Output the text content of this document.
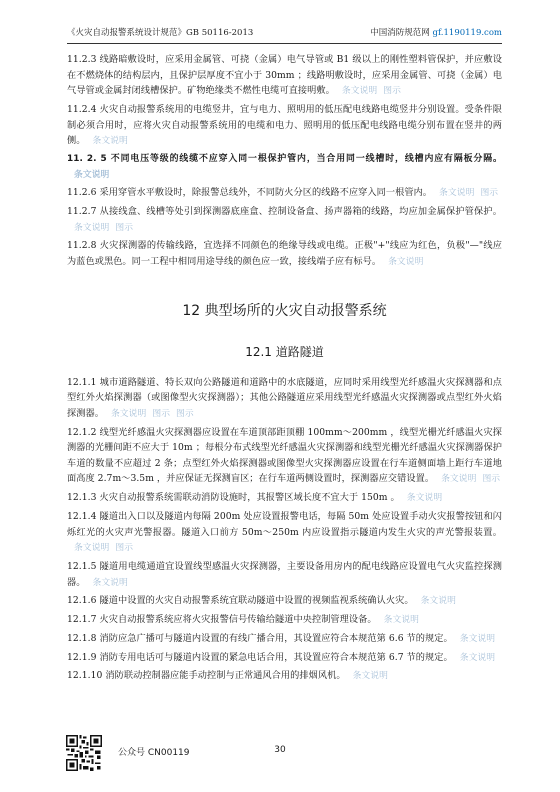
《火灾自动报警系统设计规范》GB 50116-2013	中国消防规范网 gf.1190119.com
11.2.3 线路暗敷设时，应采用金属管、可挠（金属）电气导管或 B1 级以上的刚性塑料管保护，并应敷设在不燃烧体的结构层内，且保护层厚度不宜小于 30mm ；线路明敷设时，应采用金属管、可挠（金属）电气导管或金属封闭线槽保护。矿物绝缘类不燃性电缆可直接明敷。 条文说明 图示
11.2.4 火灾自动报警系统用的电缆竖井，宜与电力、照明用的低压配电线路电缆竖井分别设置。受条件限制必须合用时，应将火灾自动报警系统用的电缆和电力、照明用的低压配电线路电缆分别布置在竖井的两侧。 条文说明
11. 2. 5 不同电压等级的线缆不应穿入同一根保护管内，当合用同一线槽时，线槽内应有隔板分隔。条文说明
11.2.6 采用穿管水平敷设时，除报警总线外，不同防火分区的线路不应穿入同一根管内。 条文说明 图示
11.2.7 从接线盒、线槽等处引到探测器底座盒、控制设备盒、扬声器箱的线路，均应加金属保护管保护。条文说明 图示
11.2.8 火灾探测器的传输线路，宜选择不同颜色的绝缘导线或电缆。正极"+"线应为红色，负极"—"线应为蓝色或黑色。同一工程中相同用途导线的颜色应一致，接线端子应有标号。 条文说明
12 典型场所的火灾自动报警系统
12.1 道路隧道
12.1.1 城市道路隧道、特长双向公路隧道和道路中的水底隧道，应同时采用线型光纤感温火灾探测器和点型红外火焰探测器（或图像型火灾探测器）；其他公路隧道应采用线型光纤感温火灾探测器或点型红外火焰探测器。 条文说明 图示 图示
12.1.2 线型光纤感温火灾探测器应设置在车道顶部距顶棚 100mm～200mm ，线型光栅光纤感温火灾探测器的光栅间距不应大于 10m ；每根分布式线型光纤感温火灾探测器和线型光栅光纤感温火灾探测器保护车道的数量不应超过 2 条；点型红外火焰探测器或图像型火灾探测器应设置在行车道侧面墙上距行车道地面高度 2.7m～3.5m ，并应保证无探测盲区；在行车道两侧设置时，探测器应交错设置。 条文说明 图示
12.1.3 火灾自动报警系统需联动消防设施时，其报警区域长度不宜大于 150m 。 条文说明
12.1.4 隧道出入口以及隧道内每隔 200m 处应设置报警电话，每隔 50m 处应设置手动火灾报警按钮和闪烁红光的火灾声光警报器。隧道入口前方 50m～250m 内应设置指示隧道内发生火灾的声光警报装置。条文说明 图示
12.1.5 隧道用电缆通道宜设置线型感温火灾探测器，主要设备用房内的配电线路应设置电气火灾监控探测器。 条文说明
12.1.6 隧道中设置的火灾自动报警系统宜联动隧道中设置的视频监视系统确认火灾。 条文说明
12.1.7 火灾自动报警系统应将火灾报警信号传输给隧道中央控制管理设备。 条文说明
12.1.8 消防应急广播可与隧道内设置的有线广播合用，其设置应符合本规范第 6.6 节的规定。 条文说明
12.1.9 消防专用电话可与隧道内设置的紧急电话合用，其设置应符合本规范第 6.7 节的规定。 条文说明
12.1.10 消防联动控制器应能手动控制与正常通风合用的排烟风机。 条文说明
公众号 CN00119	30
